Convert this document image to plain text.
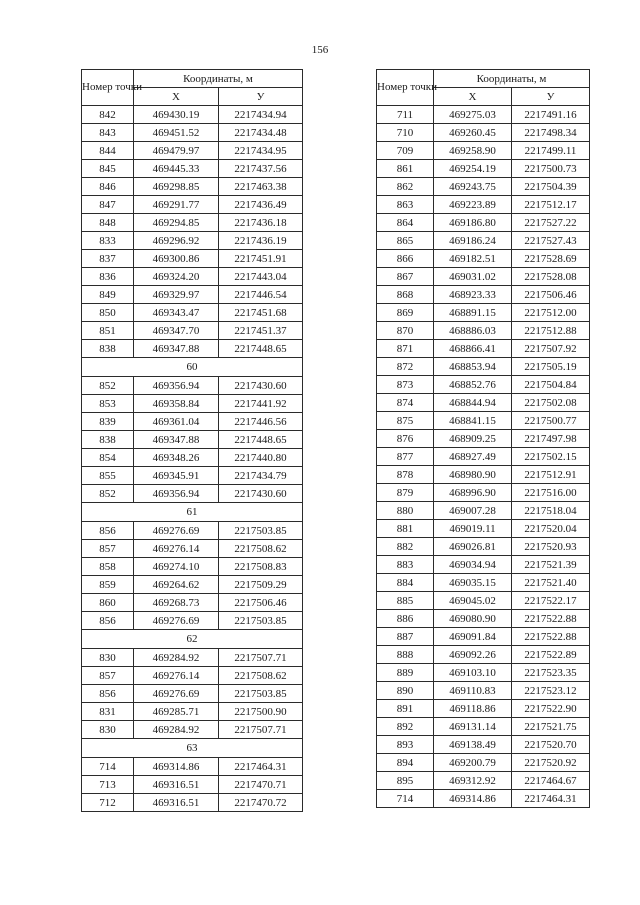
156
Номер точки	Координаты, м	
	X	У
842	469430.19	2217434.94
843	469451.52	2217434.48
844	469479.97	2217434.95
845	469445.33	2217437.56
846	469298.85	2217463.38
847	469291.77	2217436.49
848	469294.85	2217436.18
833	469296.92	2217436.19
837	469300.86	2217451.91
836	469324.20	2217443.04
849	469329.97	2217446.54
850	469343.47	2217451.68
851	469347.70	2217451.37
838	469347.88	2217448.65
60		
852	469356.94	2217430.60
853	469358.84	2217441.92
839	469361.04	2217446.56
838	469347.88	2217448.65
854	469348.26	2217440.80
855	469345.91	2217434.79
852	469356.94	2217430.60
61		
856	469276.69	2217503.85
857	469276.14	2217508.62
858	469274.10	2217508.83
859	469264.62	2217509.29
860	469268.73	2217506.46
856	469276.69	2217503.85
62		
830	469284.92	2217507.71
857	469276.14	2217508.62
856	469276.69	2217503.85
831	469285.71	2217500.90
830	469284.92	2217507.71
63		
714	469314.86	2217464.31
713	469316.51	2217470.71
712	469316.51	2217470.72
Номер точки	Координаты, м	
	X	У
711	469275.03	2217491.16
710	469260.45	2217498.34
709	469258.90	2217499.11
861	469254.19	2217500.73
862	469243.75	2217504.39
863	469223.89	2217512.17
864	469186.80	2217527.22
865	469186.24	2217527.43
866	469182.51	2217528.69
867	469031.02	2217528.08
868	468923.33	2217506.46
869	468891.15	2217512.00
870	468886.03	2217512.88
871	468866.41	2217507.92
872	468853.94	2217505.19
873	468852.76	2217504.84
874	468844.94	2217502.08
875	468841.15	2217500.77
876	468909.25	2217497.98
877	468927.49	2217502.15
878	468980.90	2217512.91
879	468996.90	2217516.00
880	469007.28	2217518.04
881	469019.11	2217520.04
882	469026.81	2217520.93
883	469034.94	2217521.39
884	469035.15	2217521.40
885	469045.02	2217522.17
886	469080.90	2217522.88
887	469091.84	2217522.88
888	469092.26	2217522.89
889	469103.10	2217523.35
890	469110.83	2217523.12
891	469118.86	2217522.90
892	469131.14	2217521.75
893	469138.49	2217520.70
894	469200.79	2217520.92
895	469312.92	2217464.67
714	469314.86	2217464.31
